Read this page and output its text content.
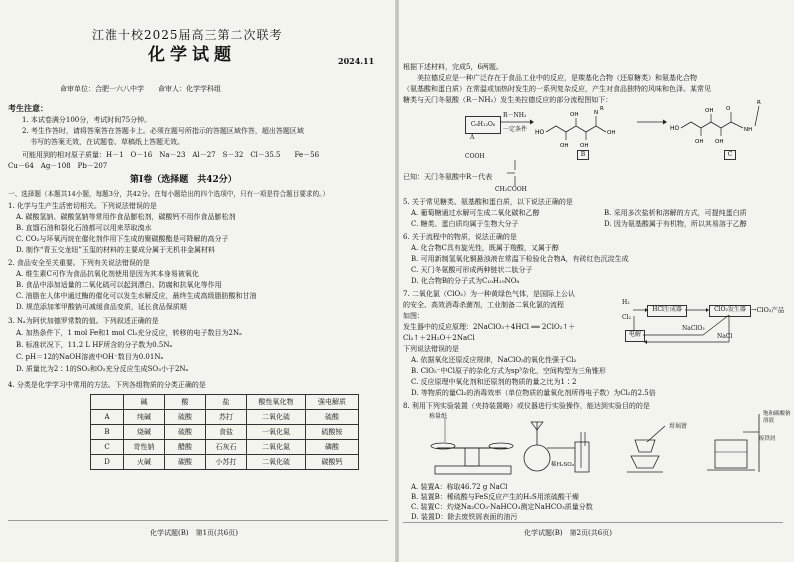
江淮十校2025届高三第二次联考
化学试题	2024.11
命审单位：合肥一六八中学　　命审人：化学学科组
考生注意：
1. 本试卷满分100分，考试时间75分钟。
2. 考生作答时，请将答案答在答题卡上。必须在题号所指示的答题区域作答，超出答题区域
书写的答案无效，在试题卷、草稿纸上答题无效。
可能用到的相对原子质量：H－1　O－16　Na－23　Al－27　S－32　Cl－35.5　　Fe－56
Cu－64　Ag－108　Pb－207
第Ⅰ卷（选择题　共42分）
一、选择题（本题共14小题，每题3分，共42分。在每小题给出的四个选项中，只有一项是符合题目要求的。）
1. 化学与生产生活密切相关。下列说法错误的是
A. 碳酸氢钠、碳酸氢钠等常用作食品膨松剂，碳酸钙不用作食品膨松剂
B. 直馏石油和裂化石油都可以用来萃取溴水
C. CO₂与环氧丙烷在催化剂作用下生成的聚碳酸酯是可降解的高分子
D. 制作“青玉交龙纽”玉玺的材料的主要成分属于无机非金属材料
2. 食品安全至关重要。下列有关说法错误的是
A. 维生素C可作为食品抗氧化剂使用是因为其本身易被氧化
B. 食品中添加适量的二氧化硫可以起到漂白、防腐和抗氧化等作用
C. 油脂在人体中通过酶的催化可以发生水解反应，最终生成高级脂肪酸和甘油
D. 规范添加苯甲酸钠可减缓食品变质，延长食品保质期
3. Nₐ为阿伏加德罗常数的值。下列叙述正确的是
A. 加热条件下，1 mol Fe和1 mol Cl₂充分反应，转移的电子数目为2Nₐ
B. 标准状况下，11.2 L HF所含的分子数为0.5Nₐ
C. pH＝12的NaOH溶液中OH⁻数目为0.01Nₐ
D. 质量比为2∶1的SO₂和O₂充分反应生成SO₃小于2Nₐ
4. 分类是化学学习中常用的方法。下列各组物质的分类正确的是
	碱	酸	盐	酸性氧化物	强电解质
A	纯碱	硫酸	苏打	二氧化硫	硫酸
B	烧碱	硫酸	食盐	一氧化氮	硫酸铵
C	苛性钠	醋酸	石灰石	二氧化氮	磷酸
D	火碱	碳酸	小苏打	二氧化硫	碳酸钙
化学试题(B)　第1页(共6页)
根据下述材料，完成5，6两题。
美拉德反应是一种广泛存在于食品工业中的反应，是羰基化合物（还原糖类）和氨基化合物
（氨基酸和蛋白质）在常温或加热时发生的一系列复杂反应，产生对食品独特的风味和色泽。某常见
糖类与天门冬氨酸（R－NH₂）发生美拉德反应的部分流程图如下：
C₆H₁₂O₆
A
R－NH₂
一定条件 HO
OH
OH
OH
N
R
OH
B
HO
OH
OH
OH
O
NH
R
C
COOH
已知：天门冬氨酸中R－代表
CH₂COOH
5. 关于常见糖类、氨基酸和蛋白质，以下说法正确的是
A. 葡萄糖通过水解可生成二氧化碳和乙醇	B. 采用多次盐析和溶解的方式，可提纯蛋白质
C. 糖类、蛋白质均属于生物大分子	D. 因为氨基酸属于有机物，所以其易溶于乙醇
6. 关于流程中的物质，说法正确的是
A. 化合物C具有旋光性，既属于羧酸，又属于醇
B. 可用新制氢氧化铜悬浊液在常温下检验化合物A，有砖红色沉淀生成
C. 天门冬氨酸可形成两种链状二肽分子
D. 化合物B的分子式为C₁₀H₁₉NO₈
7. 二氧化氯（ClO₂）为一种黄绿色气体，是国际上公认
的安全、高效消毒杀菌剂，工业制备二氧化氯的流程
如图：
发生器中的反应原理：2NaClO₃＋4HCl ══ 2ClO₂↑＋
Cl₂↑＋2H₂O＋2NaCl
下列说法错误的是
H₂
HCl生成器
Cl₂
ClO₂发生器 →ClO₂产品
电解
NaClO₃
NaCl
A. 依据氧化还原反应规律，NaClO₃的氧化性强于Cl₂
B. ClO₂⁻中Cl原子的杂化方式为sp³杂化，空间构型为三角锥形
C. 反应原理中氧化剂和还原剂的物质的量之比为1∶2
D. 等物质的量Cl₂的消毒效率（单位物质的量氧化剂所得电子数）为Cl₂的2.5倍
8. 利用下列实验装置（夹持装置略）或仪器进行实验操作，能达到实验目的的是
称量纸
稀H₂SO₄
坩埚钳
饱和碳酸钠溶液
废铁屑
A. 装置A：称取46.72 g NaCl
B. 装置B：稀硫酸与FeS反应产生的H₂S用浓硫酸干燥
C. 装置C：灼烧Na₂CO₃·NaHCO₃测定NaHCO₃质量分数
D. 装置D：除去废铁屑表面的油污
化学试题(B)　第2页(共6页)
